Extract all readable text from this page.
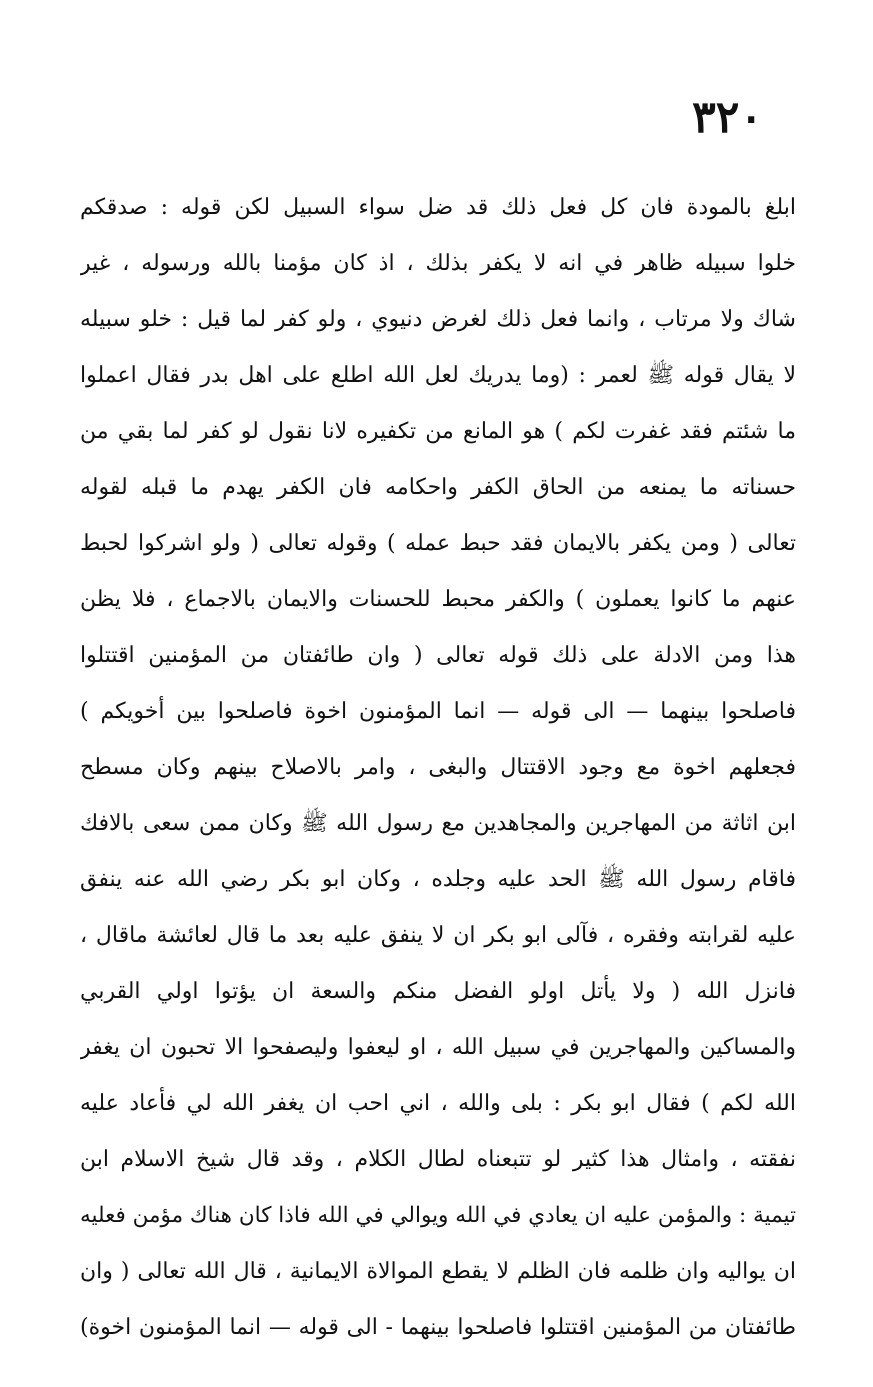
٣٢٠
ابلغ بالمودة فان كل فعل ذلك قد ضل سواء السبيل لكن قوله : صدقكم
خلوا سبيله ظاهر في انه لا يكفر بذلك ، اذ كان مؤمنا بالله ورسوله ، غير
شاك ولا مرتاب ، وانما فعل ذلك لغرض دنيوي ، ولو كفر لما قيل : خلو سبيله
لا يقال قوله ﷺ لعمر : (وما يدريك لعل الله اطلع على اهل بدر فقال اعملوا
ما شئتم فقد غفرت لكم ) هو المانع من تكفيره لانا نقول لو كفر لما بقي من
حسناته ما يمنعه من الحاق الكفر واحكامه فان الكفر يهدم ما قبله لقوله
تعالى ( ومن يكفر بالايمان فقد حبط عمله ) وقوله تعالى ( ولو اشركوا لحبط
عنهم ما كانوا يعملون ) والكفر محبط للحسنات والايمان بالاجماع ، فلا يظن
هذا ومن الادلة على ذلك قوله تعالى ( وان طائفتان من المؤمنين اقتتلوا
فاصلحوا بينهما — الى قوله — انما المؤمنون اخوة فاصلحوا بين أخويكم )
فجعلهم اخوة مع وجود الاقتتال والبغى ، وامر بالاصلاح بينهم وكان مسطح
ابن اثاثة من المهاجرين والمجاهدين مع رسول الله ﷺ وكان ممن سعى بالافك
فاقام رسول الله ﷺ الحد عليه وجلده ، وكان ابو بكر رضي الله عنه ينفق
عليه لقرابته وفقره ، فآلى ابو بكر ان لا ينفق عليه بعد ما قال لعائشة ماقال ،
فانزل الله ( ولا يأتل اولو الفضل منكم والسعة ان يؤتوا اولي القربي
والمساكين والمهاجرين في سبيل الله ، او ليعفوا وليصفحوا الا تحبون ان يغفر
الله لكم ) فقال ابو بكر : بلى والله ، اني احب ان يغفر الله لي فأعاد عليه
نفقته ، وامثال هذا كثير لو تتبعناه لطال الكلام ، وقد قال شيخ الاسلام ابن
تيمية : والمؤمن عليه ان يعادي في الله ويوالي في الله فاذا كان هناك مؤمن فعليه
ان يواليه وان ظلمه فان الظلم لا يقطع الموالاة الايمانية ، قال الله تعالى ( وان
طائفتان من المؤمنين اقتتلوا فاصلحوا بينهما - الى قوله — انما المؤمنون اخوة)
